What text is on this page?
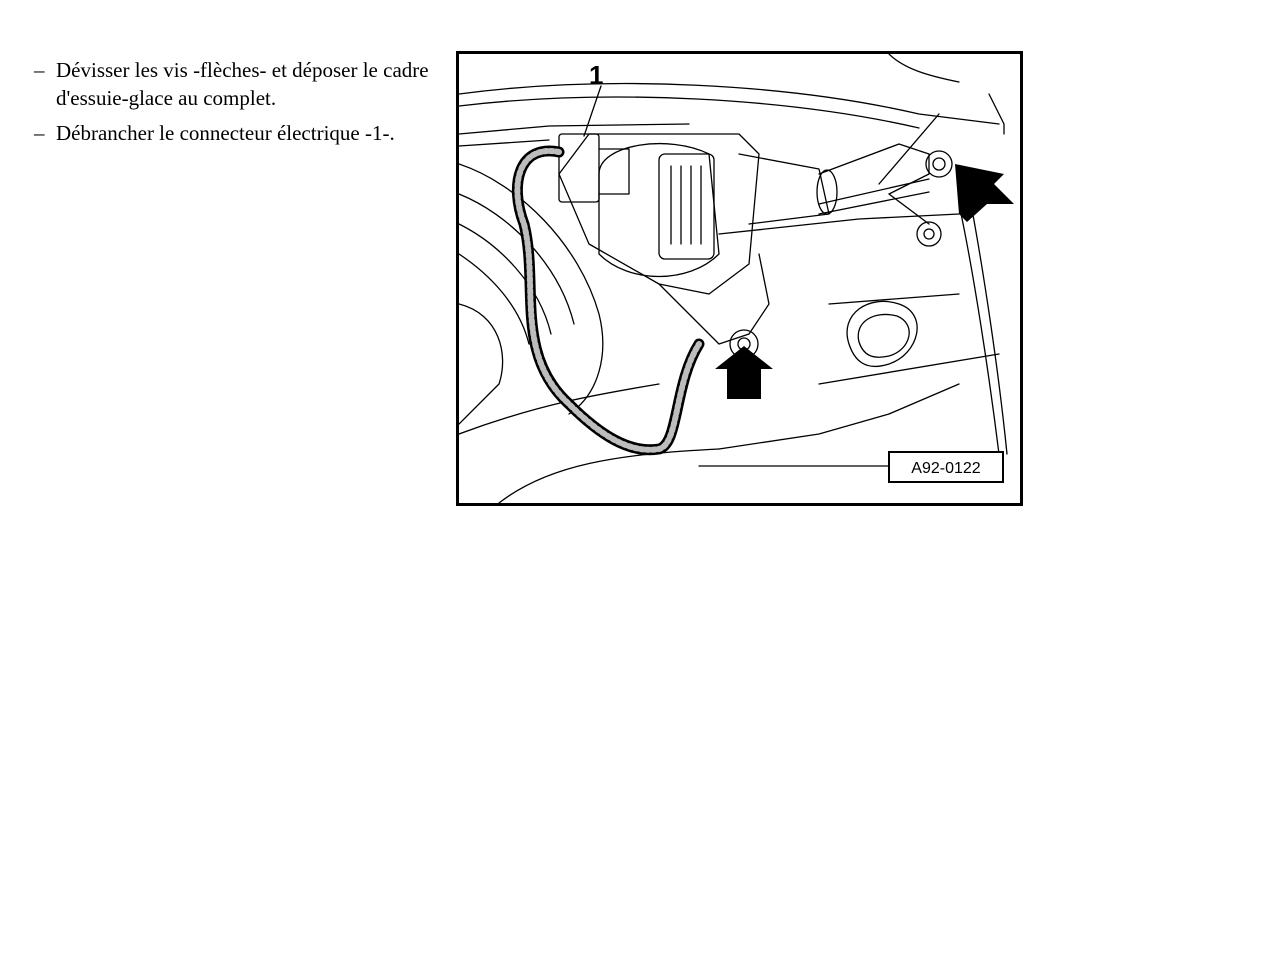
– Dévisser les vis -flèches- et déposer le cadre d'essuie-glace au complet.
– Débrancher le connecteur électrique -1-.
1
A92-0122
